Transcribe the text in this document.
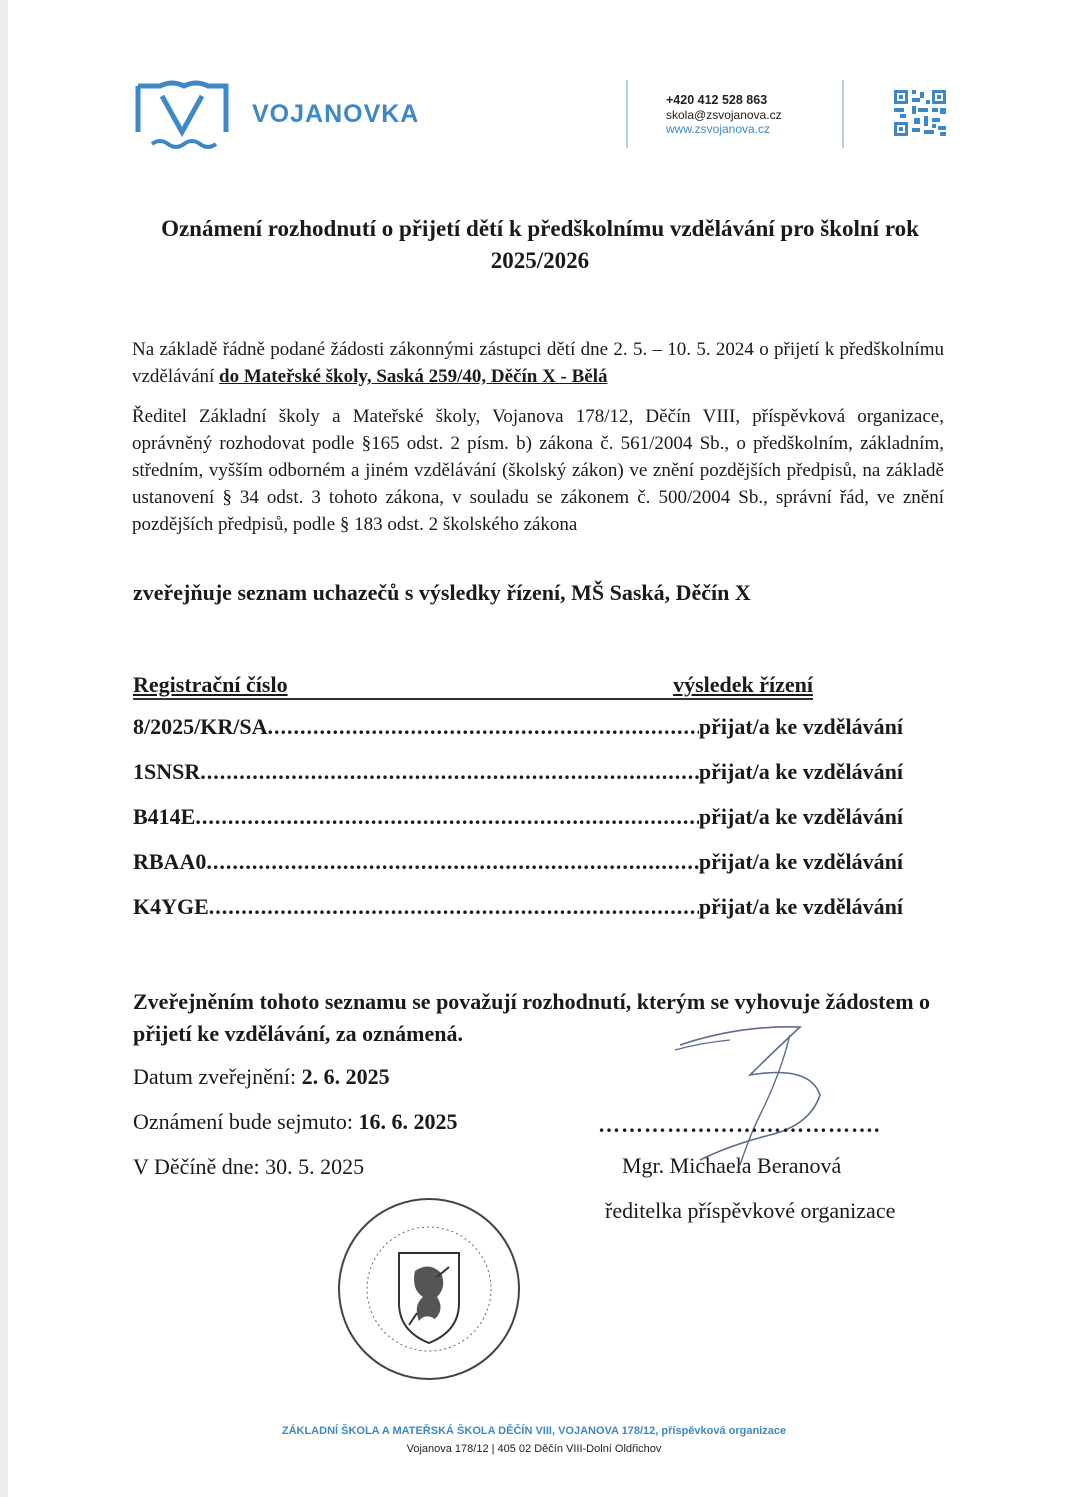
VOJANOVKA	+420 412 528 863
skola@zsvojanova.cz
www.zsvojanova.cz
Oznámení rozhodnutí o přijetí dětí k předškolnímu vzdělávání pro školní rok 2025/2026
Na základě řádně podané žádosti zákonnými zástupci dětí dne 2. 5. – 10. 5. 2024 o přijetí k předškolnímu vzdělávání do Mateřské školy, Saská 259/40, Děčín X - Bělá
Ředitel Základní školy a Mateřské školy, Vojanova 178/12, Děčín VIII, příspěvková organizace, oprávněný rozhodovat podle §165 odst. 2 písm. b) zákona č. 561/2004 Sb., o předškolním, základním, středním, vyšším odborném a jiném vzdělávání (školský zákon) ve znění pozdějších předpisů, na základě ustanovení § 34 odst. 3 tohoto zákona, v souladu se zákonem č. 500/2004 Sb., správní řád, ve znění pozdějších předpisů, podle § 183 odst. 2 školského zákona
zveřejňuje seznam uchazečů s výsledky řízení, MŠ Saská, Děčín X
Registrační číslo	výsledek řízení
8/2025/KR/SA .....	přijat/a ke vzdělávání
1SNSR .....	přijat/a ke vzdělávání
B414E .....	přijat/a ke vzdělávání
RBAA0 .....	přijat/a ke vzdělávání
K4YGE .....	přijat/a ke vzdělávání
Zveřejněním tohoto seznamu se považují rozhodnutí, kterým se vyhovuje žádostem o přijetí ke vzdělávání, za oznámená.
Datum zveřejnění: 2. 6. 2025
Oznámení bude sejmuto: 16. 6. 2025
V Děčíně dne: 30. 5. 2025
……………………………….
Mgr. Michaela Beranová
ředitelka příspěvkové organizace
ZÁKLADNÍ ŠKOLA A MATEŘSKÁ ŠKOLA DĚČÍN VIII, VOJANOVA 178/12, příspěvková organizace
Vojanova 178/12 | 405 02 Děčín VIII-Dolní Oldřichov
